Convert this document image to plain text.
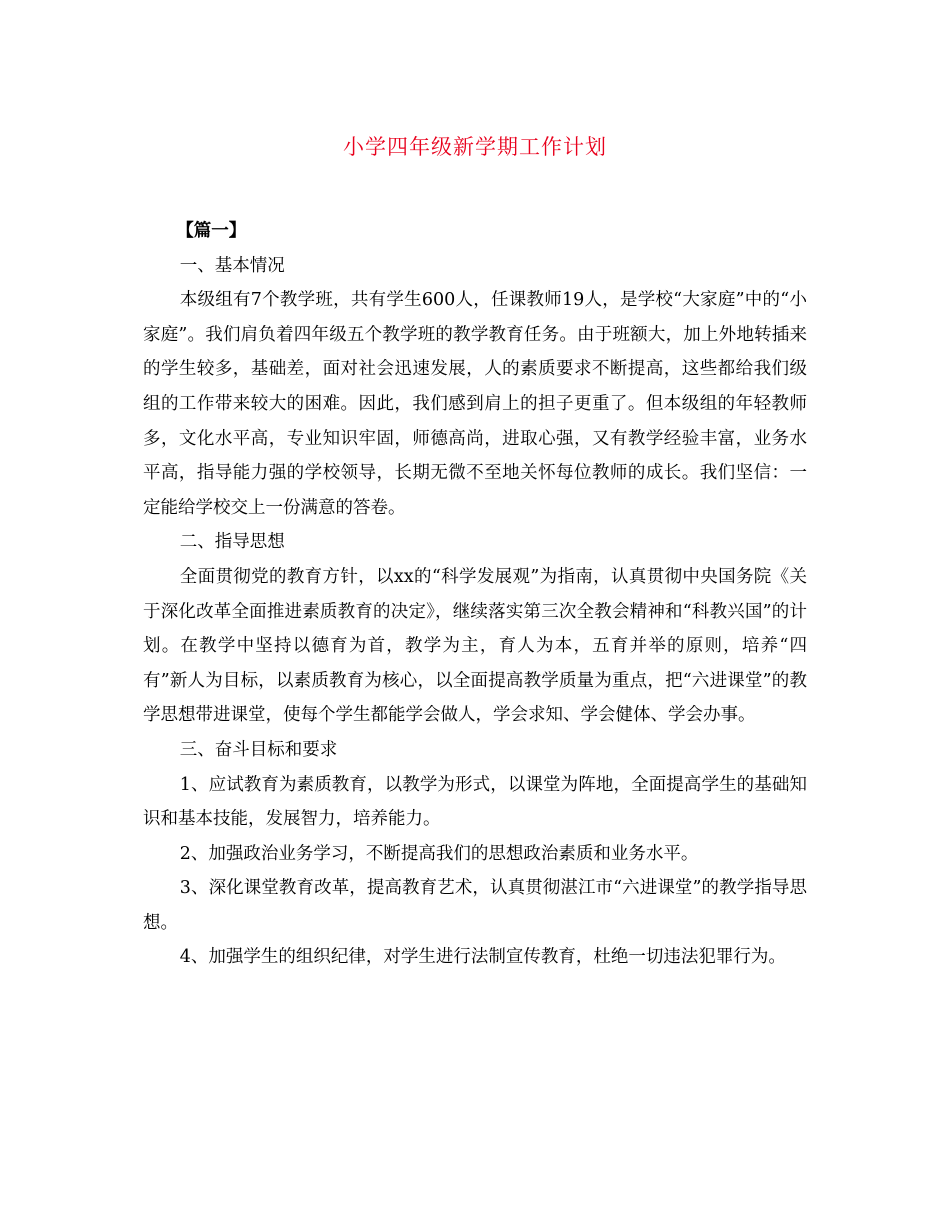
小学四年级新学期工作计划

【篇一】

一、基本情况

本级组有7个教学班，共有学生600人，任课教师19人，是学校“大家庭”中的“小家庭”。我们肩负着四年级五个教学班的教学教育任务。由于班额大，加上外地转插来的学生较多，基础差，面对社会迅速发展，人的素质要求不断提高，这些都给我们级组的工作带来较大的困难。因此，我们感到肩上的担子更重了。但本级组的年轻教师多，文化水平高，专业知识牢固，师德高尚，进取心强，又有教学经验丰富，业务水平高，指导能力强的学校领导，长期无微不至地关怀每位教师的成长。我们坚信：一定能给学校交上一份满意的答卷。

二、指导思想

全面贯彻党的教育方针，以xx的“科学发展观”为指南，认真贯彻中央国务院《关于深化改革全面推进素质教育的决定》，继续落实第三次全教会精神和“科教兴国”的计划。在教学中坚持以德育为首，教学为主，育人为本，五育并举的原则，培养“四有”新人为目标，以素质教育为核心，以全面提高教学质量为重点，把“六进课堂”的教学思想带进课堂，使每个学生都能学会做人，学会求知、学会健体、学会办事。

三、奋斗目标和要求

1、应试教育为素质教育，以教学为形式，以课堂为阵地，全面提高学生的基础知识和基本技能，发展智力，培养能力。

2、加强政治业务学习，不断提高我们的思想政治素质和业务水平。

3、深化课堂教育改革，提高教育艺术，认真贯彻湛江市“六进课堂”的教学指导思想。

4、加强学生的组织纪律，对学生进行法制宣传教育，杜绝一切违法犯罪行为。
